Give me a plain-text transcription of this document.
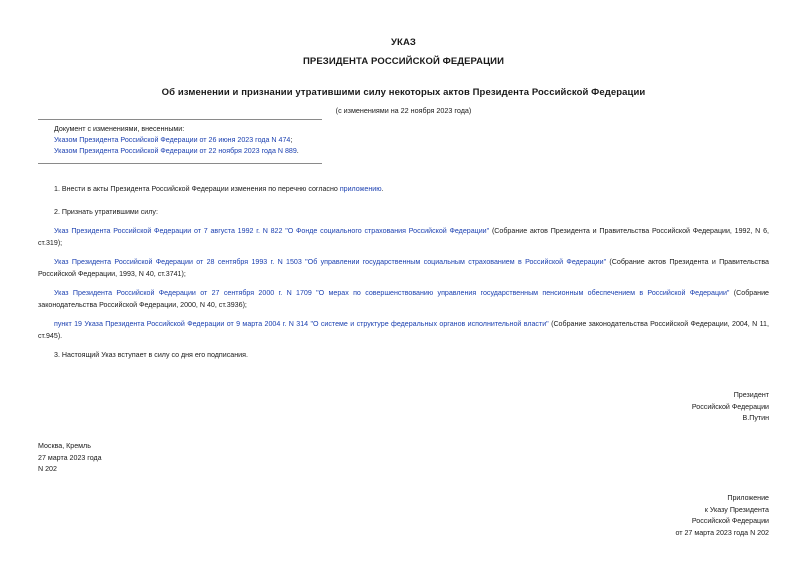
УКАЗ
ПРЕЗИДЕНТА РОССИЙСКОЙ ФЕДЕРАЦИИ
Об изменении и признании утратившими силу некоторых актов Президента Российской Федерации
(с изменениями на 22 ноября 2023 года)
Документ с изменениями, внесенными:
Указом Президента Российской Федерации от 26 июня 2023 года N 474;
Указом Президента Российской Федерации от 22 ноября 2023 года N 889.
1. Внести в акты Президента Российской Федерации изменения по перечню согласно приложению.
2. Признать утратившими силу:
Указ Президента Российской Федерации от 7 августа 1992 г. N 822 "О Фонде социального страхования Российской Федерации" (Собрание актов Президента и Правительства Российской Федерации, 1992, N 6, ст.319);
Указ Президента Российской Федерации от 28 сентября 1993 г. N 1503 "Об управлении государственным социальным страхованием в Российской Федерации" (Собрание актов Президента и Правительства Российской Федерации, 1993, N 40, ст.3741);
Указ Президента Российской Федерации от 27 сентября 2000 г. N 1709 "О мерах по совершенствованию управления государственным пенсионным обеспечением в Российской Федерации" (Собрание законодательства Российской Федерации, 2000, N 40, ст.3936);
пункт 19 Указа Президента Российской Федерации от 9 марта 2004 г. N 314 "О системе и структуре федеральных органов исполнительной власти" (Собрание законодательства Российской Федерации, 2004, N 11, ст.945).
3. Настоящий Указ вступает в силу со дня его подписания.
Президент
Российской Федерации
В.Путин
Москва, Кремль
27 марта 2023 года
N 202
Приложение
к Указу Президента
Российской Федерации
от 27 марта 2023 года N 202
